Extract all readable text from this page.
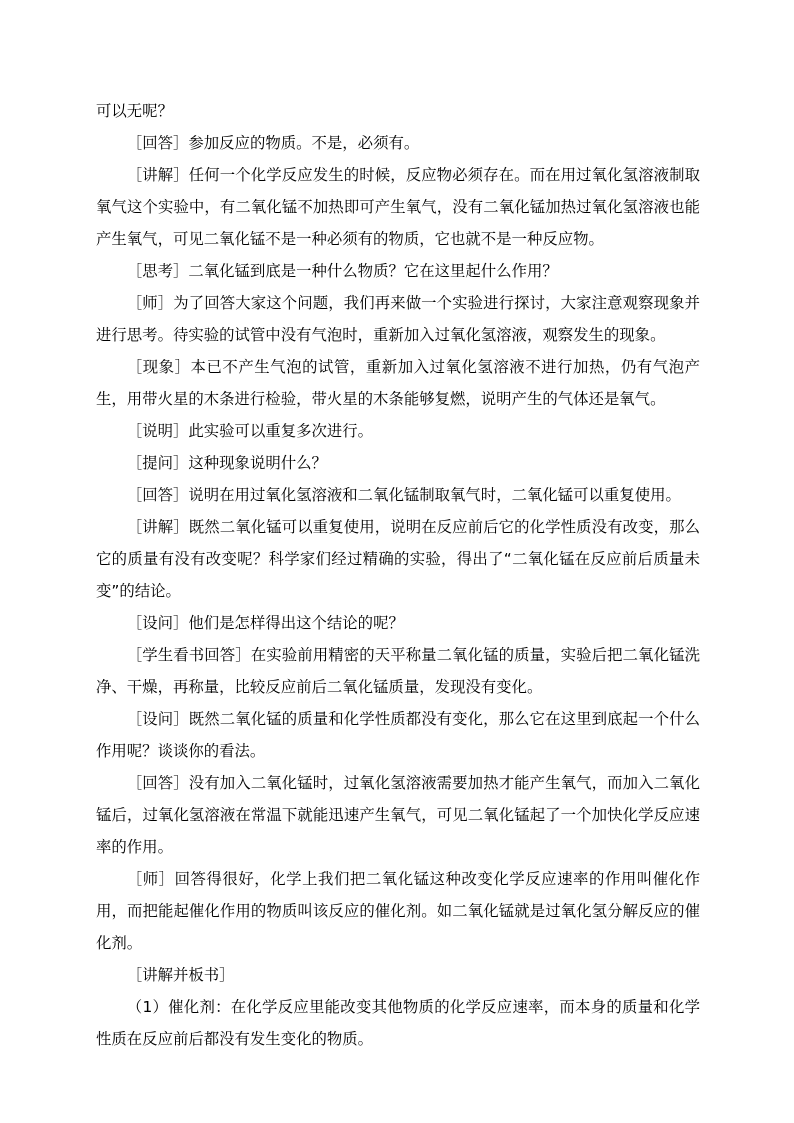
可以无呢？

［回答］参加反应的物质。不是，必须有。

［讲解］任何一个化学反应发生的时候，反应物必须存在。而在用过氧化氢溶液制取氧气这个实验中，有二氧化锰不加热即可产生氧气，没有二氧化锰加热过氧化氢溶液也能产生氧气，可见二氧化锰不是一种必须有的物质，它也就不是一种反应物。

［思考］二氧化锰到底是一种什么物质？它在这里起什么作用？

［师］为了回答大家这个问题，我们再来做一个实验进行探讨，大家注意观察现象并进行思考。待实验的试管中没有气泡时，重新加入过氧化氢溶液，观察发生的现象。

［现象］本已不产生气泡的试管，重新加入过氧化氢溶液不进行加热，仍有气泡产生，用带火星的木条进行检验，带火星的木条能够复燃，说明产生的气体还是氧气。

［说明］此实验可以重复多次进行。

［提问］这种现象说明什么？

［回答］说明在用过氧化氢溶液和二氧化锰制取氧气时，二氧化锰可以重复使用。

［讲解］既然二氧化锰可以重复使用，说明在反应前后它的化学性质没有改变，那么它的质量有没有改变呢？科学家们经过精确的实验，得出了“二氧化锰在反应前后质量未变”的结论。

［设问］他们是怎样得出这个结论的呢？

［学生看书回答］在实验前用精密的天平称量二氧化锰的质量，实验后把二氧化锰洗净、干燥，再称量，比较反应前后二氧化锰质量，发现没有变化。

［设问］既然二氧化锰的质量和化学性质都没有变化，那么它在这里到底起一个什么作用呢？谈谈你的看法。

［回答］没有加入二氧化锰时，过氧化氢溶液需要加热才能产生氧气，而加入二氧化锰后，过氧化氢溶液在常温下就能迅速产生氧气，可见二氧化锰起了一个加快化学反应速率的作用。

［师］回答得很好，化学上我们把二氧化锰这种改变化学反应速率的作用叫催化作用，而把能起催化作用的物质叫该反应的催化剂。如二氧化锰就是过氧化氢分解反应的催化剂。

［讲解并板书］

（1）催化剂：在化学反应里能改变其他物质的化学反应速率，而本身的质量和化学性质在反应前后都没有发生变化的物质。
